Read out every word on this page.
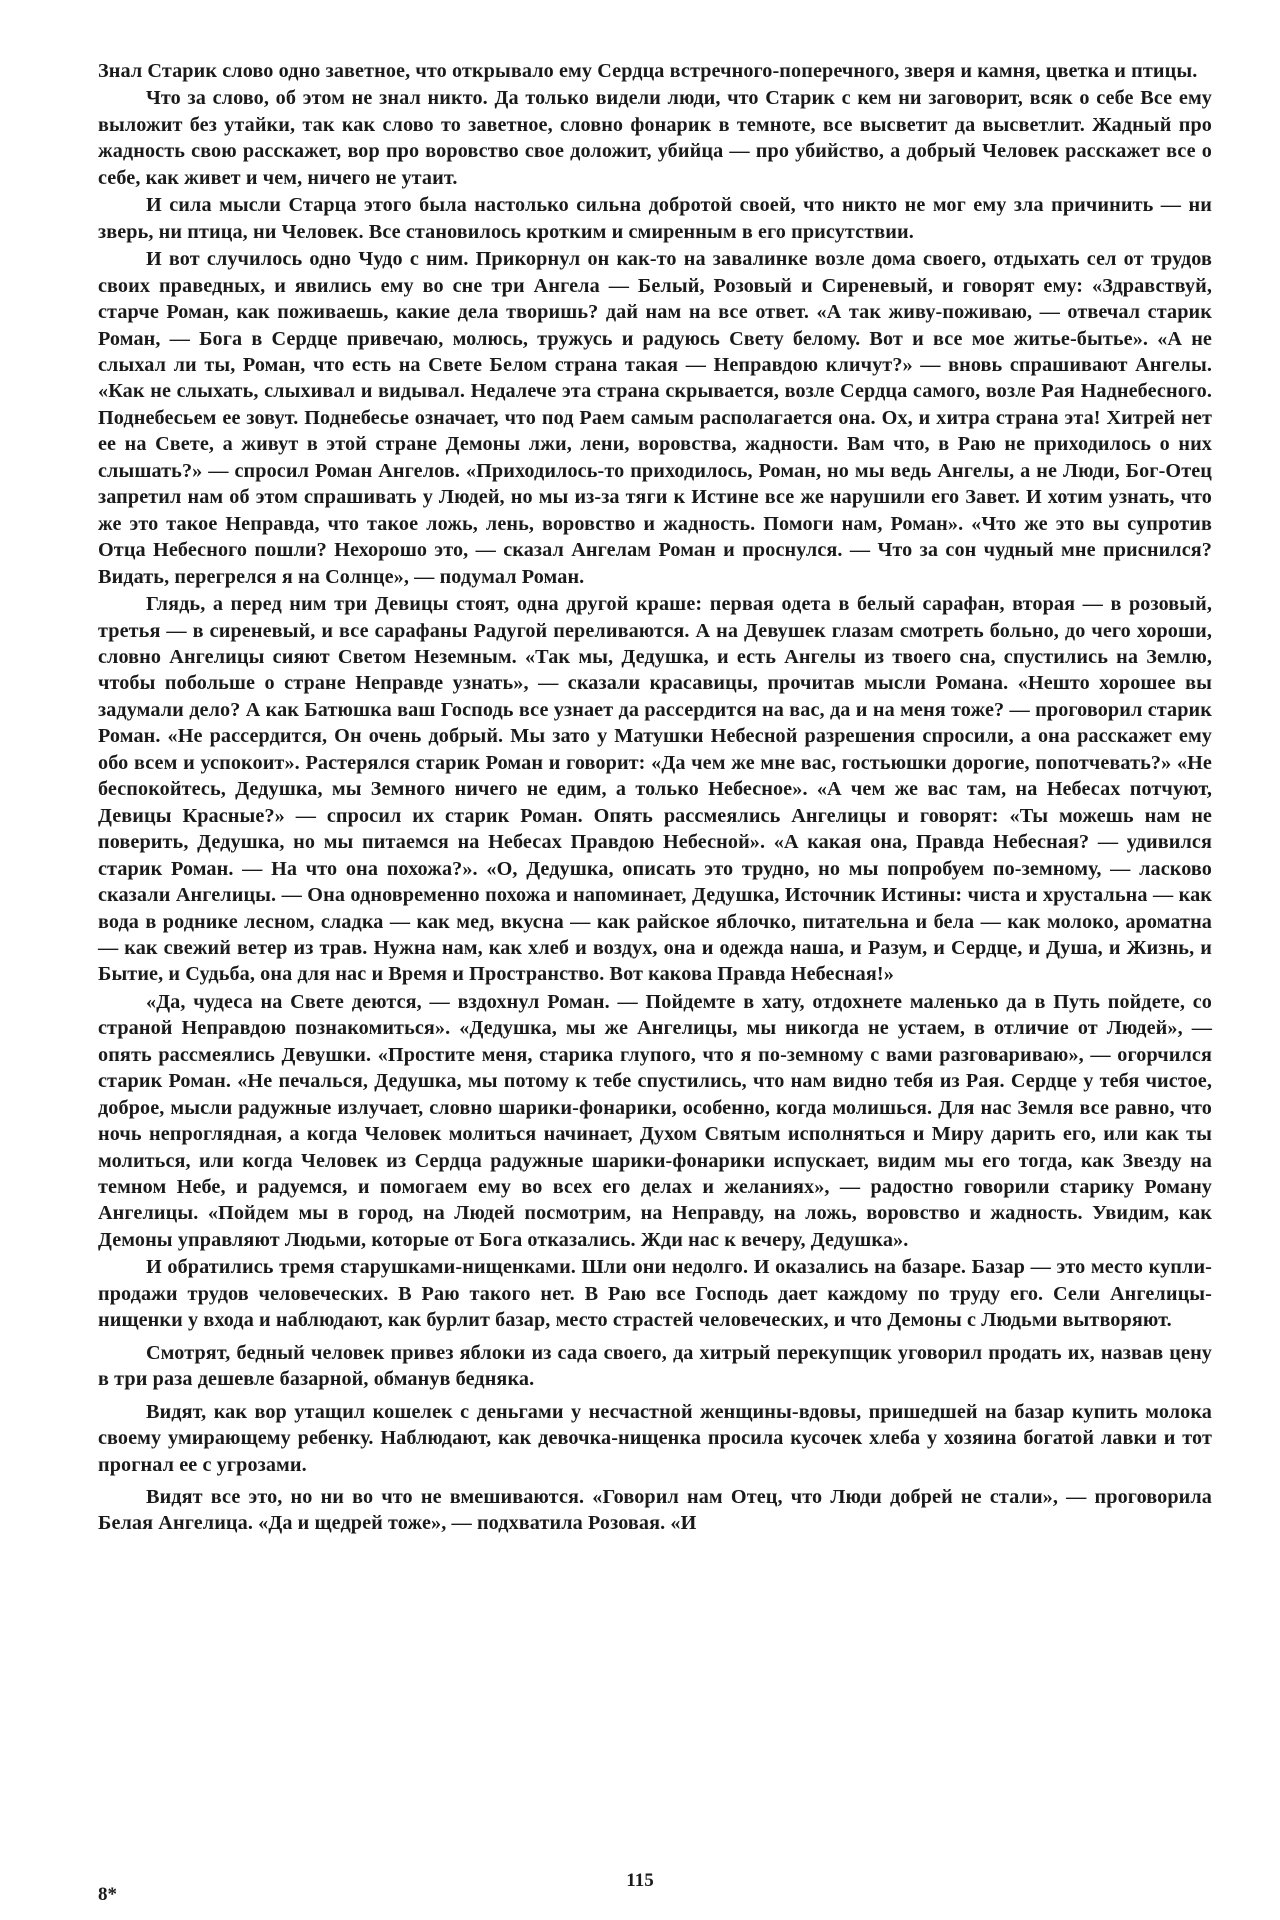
Знал Старик слово одно заветное, что открывало ему Сердца встречного-поперечного, зверя и камня, цветка и птицы.

Что за слово, об этом не знал никто. Да только видели люди, что Старик с кем ни заговорит, всяк о себе Все ему выложит без утайки, так как слово то заветное, словно фонарик в темноте, все высветит да высветлит. Жадный про жадность свою расскажет, вор про воровство свое доложит, убийца — про убийство, а добрый Человек расскажет все о себе, как живет и чем, ничего не утаит.

И сила мысли Старца этого была настолько сильна добротой своей, что никто не мог ему зла причинить — ни зверь, ни птица, ни Человек. Все становилось кротким и смиренным в его присутствии.

И вот случилось одно Чудо с ним. Прикорнул он как-то на завалинке возле дома своего, отдыхать сел от трудов своих праведных, и явились ему во сне три Ангела — Белый, Розовый и Сиреневый, и говорят ему: «Здравствуй, старче Роман, как поживаешь, какие дела творишь? дай нам на все ответ. «А так живу-поживаю, — отвечал старик Роман, — Бога в Сердце привечаю, молюсь, тружусь и радуюсь Свету белому. Вот и все мое житье-бытье». «А не слыхал ли ты, Роман, что есть на Свете Белом страна такая — Неправдою кличут?» — вновь спрашивают Ангелы. «Как не слыхать, слыхивал и видывал. Недалече эта страна скрывается, возле Сердца самого, возле Рая Наднебесного. Поднебесьем ее зовут. Поднебесье означает, что под Раем самым располагается она. Ох, и хитра страна эта! Хитрей нет ее на Свете, а живут в этой стране Демоны лжи, лени, воровства, жадности. Вам что, в Раю не приходилось о них слышать?» — спросил Роман Ангелов. «Приходилось-то приходилось, Роман, но мы ведь Ангелы, а не Люди, Бог-Отец запретил нам об этом спрашивать у Людей, но мы из-за тяги к Истине все же нарушили его Завет. И хотим узнать, что же это такое Неправда, что такое ложь, лень, воровство и жадность. Помоги нам, Роман». «Что же это вы супротив Отца Небесного пошли? Нехорошо это, — сказал Ангелам Роман и проснулся. — Что за сон чудный мне приснился? Видать, перегрелся я на Солнце», — подумал Роман.

Глядь, а перед ним три Девицы стоят, одна другой краше: первая одета в белый сарафан, вторая — в розовый, третья — в сиреневый, и все сарафаны Радугой переливаются. А на Девушек глазам смотреть больно, до чего хороши, словно Ангелицы сияют Светом Неземным. «Так мы, Дедушка, и есть Ангелы из твоего сна, спустились на Землю, чтобы побольше о стране Неправде узнать», — сказали красавицы, прочитав мысли Романа. «Нешто хорошее вы задумали дело? А как Батюшка ваш Господь все узнает да рассердится на вас, да и на меня тоже? — проговорил старик Роман. «Не рассердится, Он очень добрый. Мы зато у Матушки Небесной разрешения спросили, а она расскажет ему обо всем и успокоит». Растерялся старик Роман и говорит: «Да чем же мне вас, гостьюшки дорогие, попотчевать?» «Не беспокойтесь, Дедушка, мы Земного ничего не едим, а только Небесное». «А чем же вас там, на Небесах потчуют, Девицы Красные?» — спросил их старик Роман. Опять рассмеялись Ангелицы и говорят: «Ты можешь нам не поверить, Дедушка, но мы питаемся на Небесах Правдою Небесной». «А какая она, Правда Небесная? — удивился старик Роман. — На что она похожа?». «О, Дедушка, описать это трудно, но мы попробуем по-земному, — ласково сказали Ангелицы. — Она одновременно похожа и напоминает, Дедушка, Источник Истины: чиста и хрустальна — как вода в роднике лесном, сладка — как мед, вкусна — как райское яблочко, питательна и бела — как молоко, ароматна — как свежий ветер из трав. Нужна нам, как хлеб и воздух, она и одежда наша, и Разум, и Сердце, и Душа, и Жизнь, и Бытие, и Судьба, она для нас и Время и Пространство. Вот какова Правда Небесная!»

«Да, чудеса на Свете деются, — вздохнул Роман. — Пойдемте в хату, отдохнете маленько да в Путь пойдете, со страной Неправдою познакомиться». «Дедушка, мы же Ангелицы, мы никогда не устаем, в отличие от Людей», — опять рассмеялись Девушки. «Простите меня, старика глупого, что я по-земному с вами разговариваю», — огорчился старик Роман. «Не печалься, Дедушка, мы потому к тебе спустились, что нам видно тебя из Рая. Сердце у тебя чистое, доброе, мысли радужные излучает, словно шарики-фонарики, особенно, когда молишься. Для нас Земля все равно, что ночь непроглядная, а когда Человек молиться начинает, Духом Святым исполняться и Миру дарить его, или как ты молиться, или когда Человек из Сердца радужные шарики-фонарики испускает, видим мы его тогда, как Звезду на темном Небе, и радуемся, и помогаем ему во всех его делах и желаниях», — радостно говорили старику Роману Ангелицы. «Пойдем мы в город, на Людей посмотрим, на Неправду, на ложь, воровство и жадность. Увидим, как Демоны управляют Людьми, которые от Бога отказались. Жди нас к вечеру, Дедушка».

И обратились тремя старушками-нищенками. Шли они недолго. И оказались на базаре. Базар — это место купли-продажи трудов человеческих. В Раю такого нет. В Раю все Господь дает каждому по труду его. Сели Ангелицы-нищенки у входа и наблюдают, как бурлит базар, место страстей человеческих, и что Демоны с Людьми вытворяют.

Смотрят, бедный человек привез яблоки из сада своего, да хитрый перекупщик уговорил продать их, назвав цену в три раза дешевле базарной, обманув бедняка.

Видят, как вор утащил кошелек с деньгами у несчастной женщины-вдовы, пришедшей на базар купить молока своему умирающему ребенку. Наблюдают, как девочка-нищенка просила кусочек хлеба у хозяина богатой лавки и тот прогнал ее с угрозами.

Видят все это, но ни во что не вмешиваются. «Говорил нам Отец, что Люди добрей не стали», — проговорила Белая Ангелица. «Да и щедрей тоже», — подхватила Розовая. «И

115
8*
